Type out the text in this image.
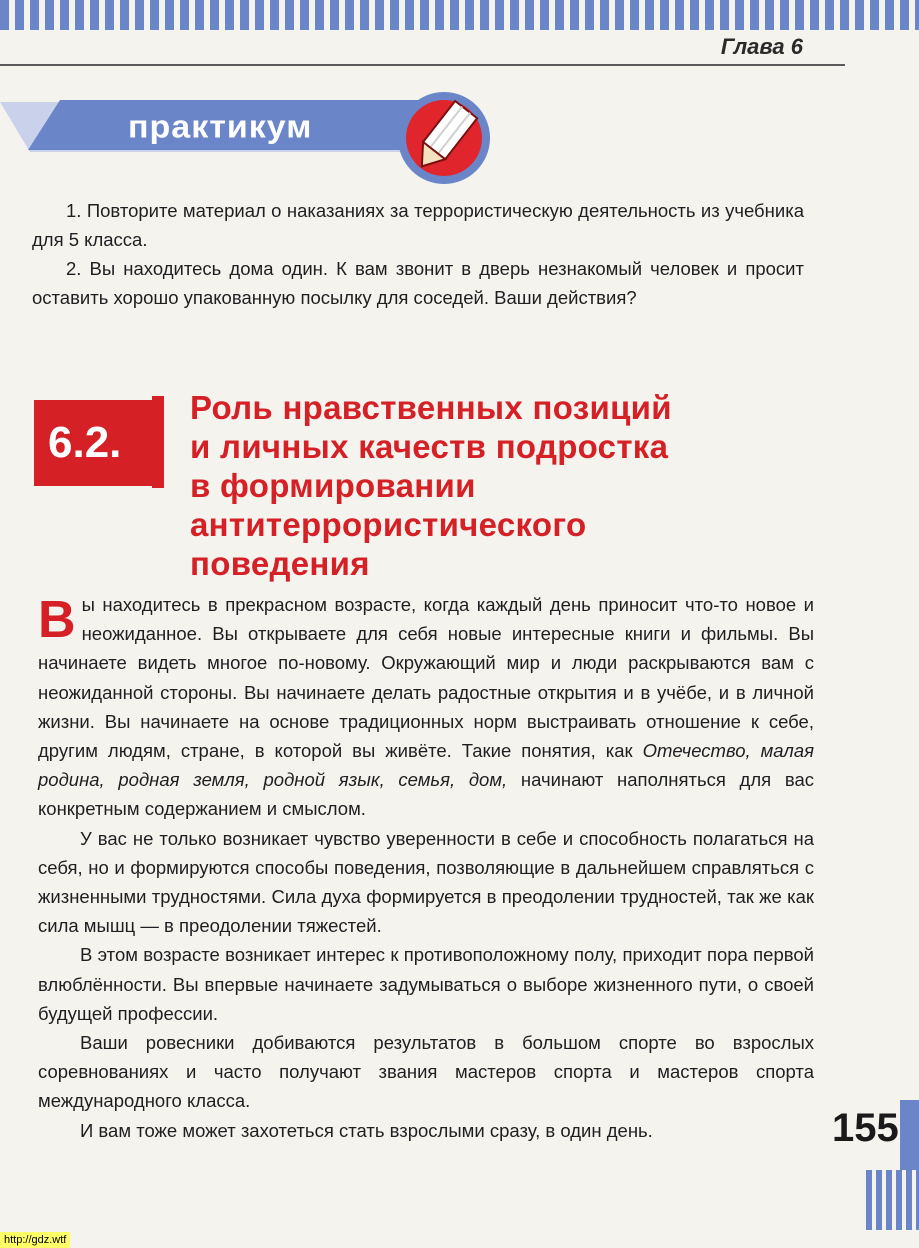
Глава 6
практикум

1. Повторите материал о наказаниях за террористическую деятельность из учебника для 5 класса.

2. Вы находитесь дома один. К вам звонит в дверь незнакомый человек и просит оставить хорошо упакованную посылку для соседей. Ваши действия?

6.2.
Роль нравственных позиций
и личных качеств подростка
в формировании
антитеррористического
поведения

Вы находитесь в прекрасном возрасте, когда каждый день приносит что-то новое и неожиданное. Вы открываете для себя новые интересные книги и фильмы. Вы начинаете видеть многое по-новому. Окружающий мир и люди раскрываются вам с неожиданной стороны. Вы начинаете делать радостные открытия и в учёбе, и в личной жизни. Вы начинаете на основе традиционных норм выстраивать отношение к себе, другим людям, стране, в которой вы живёте. Такие понятия, как Отечество, малая родина, родная земля, родной язык, семья, дом, начинают наполняться для вас конкретным содержанием и смыслом.

У вас не только возникает чувство уверенности в себе и способность полагаться на себя, но и формируются способы поведения, позволяющие в дальнейшем справляться с жизненными трудностями. Сила духа формируется в преодолении трудностей, так же как сила мышц — в преодолении тяжестей.

В этом возрасте возникает интерес к противоположному полу, приходит пора первой влюблённости. Вы впервые начинаете задумываться о выборе жизненного пути, о своей будущей профессии.

Ваши ровесники добиваются результатов в большом спорте во взрослых соревнованиях и часто получают звания мастеров спорта и мастеров спорта международного класса.

И вам тоже может захотеться стать взрослыми сразу, в один день.	155
http://gdz.wtf
